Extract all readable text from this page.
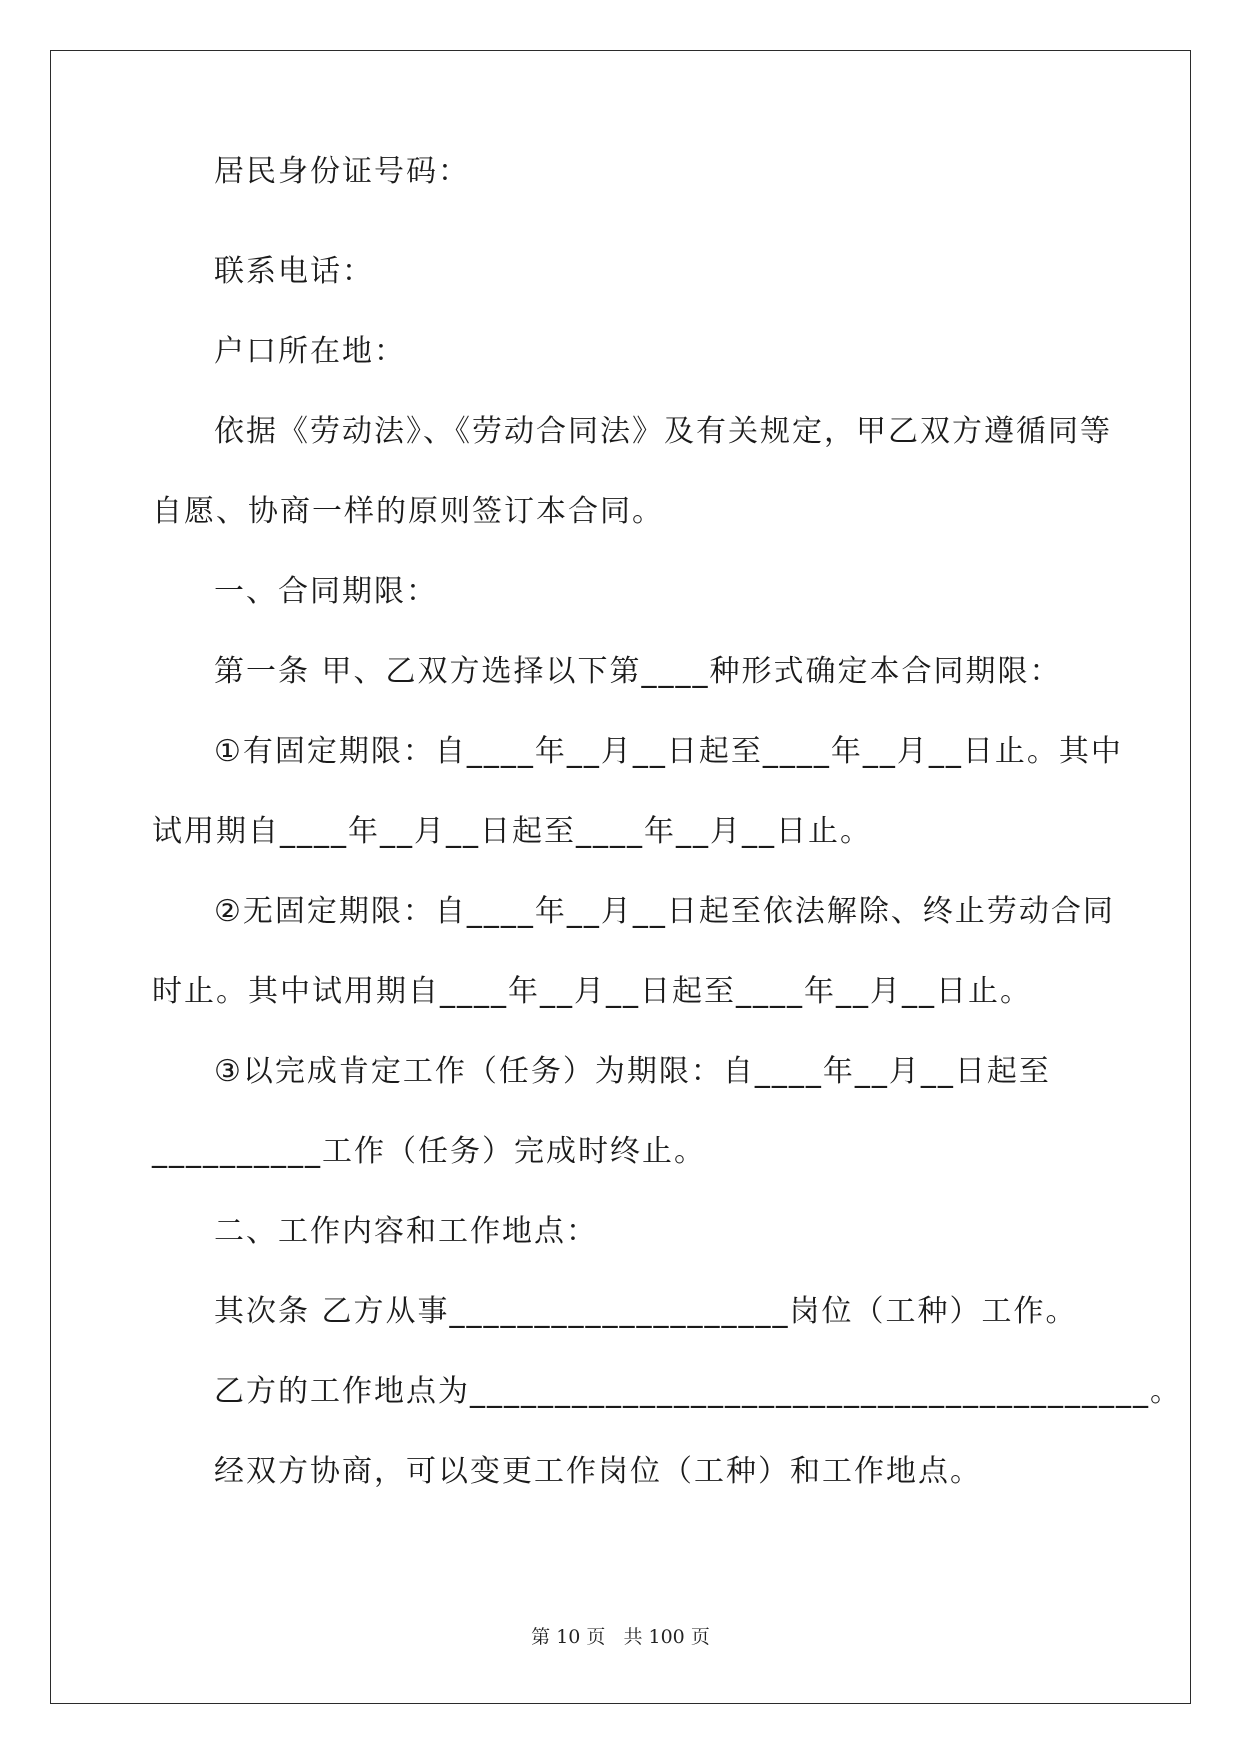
居民身份证号码：
联系电话：
户口所在地：
依据《劳动法》、《劳动合同法》及有关规定，甲乙双方遵循同等
自愿、协商一样的原则签订本合同。
一、合同期限：
第一条 甲、乙双方选择以下第____种形式确定本合同期限：
①有固定期限：自____年__月__日起至____年__月__日止。其中
试用期自____年__月__日起至____年__月__日止。
②无固定期限：自____年__月__日起至依法解除、终止劳动合同
时止。其中试用期自____年__月__日起至____年__月__日止。
③以完成肯定工作（任务）为期限：自____年__月__日起至
__________工作（任务）完成时终止。
二、工作内容和工作地点：
其次条 乙方从事____________________岗位（工种）工作。
乙方的工作地点为________________________________________。
经双方协商，可以变更工作岗位（工种）和工作地点。
第 10 页 共 100 页
